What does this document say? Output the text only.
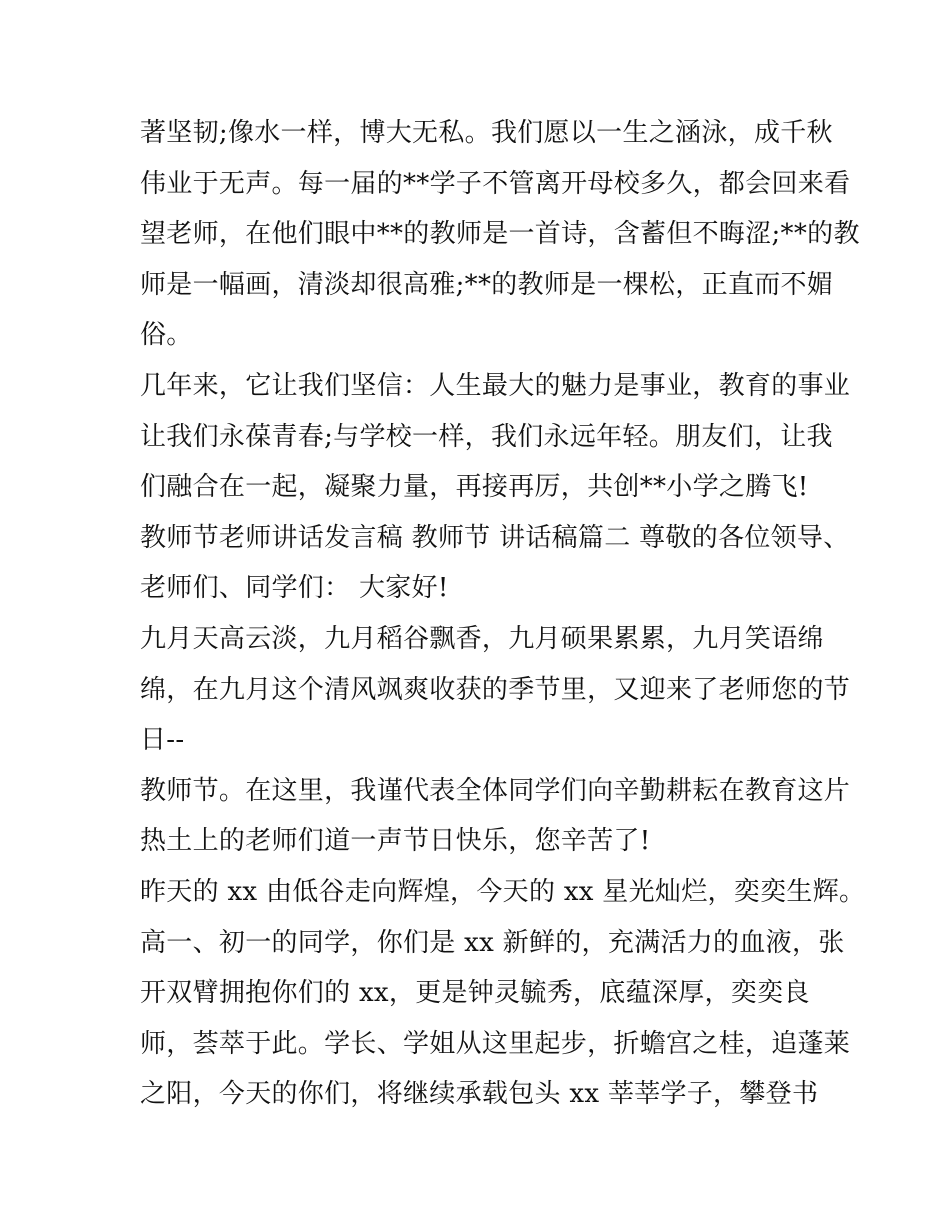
著坚韧;像水一样，博大无私。我们愿以一生之涵泳，成千秋
伟业于无声。每一届的**学子不管离开母校多久，都会回来看
望老师，在他们眼中**的教师是一首诗，含蓄但不晦涩;**的教
师是一幅画，清淡却很高雅;**的教师是一棵松，正直而不媚
俗。
几年来，它让我们坚信：人生最大的魅力是事业，教育的事业
让我们永葆青春;与学校一样，我们永远年轻。朋友们，让我
们融合在一起，凝聚力量，再接再厉，共创**小学之腾飞!
教师节老师讲话发言稿 教师节 讲话稿篇二 尊敬的各位领导、
老师们、同学们： 大家好!
九月天高云淡，九月稻谷飘香，九月硕果累累，九月笑语绵
绵，在九月这个清风飒爽收获的季节里，又迎来了老师您的节
日--
教师节。在这里，我谨代表全体同学们向辛勤耕耘在教育这片
热土上的老师们道一声节日快乐，您辛苦了!
昨天的 xx 由低谷走向辉煌，今天的 xx 星光灿烂，奕奕生辉。
高一、初一的同学，你们是 xx 新鲜的，充满活力的血液，张
开双臂拥抱你们的 xx，更是钟灵毓秀，底蕴深厚，奕奕良
师，荟萃于此。学长、学姐从这里起步，折蟾宫之桂，追蓬莱
之阳，今天的你们，将继续承载包头 xx 莘莘学子，攀登书
